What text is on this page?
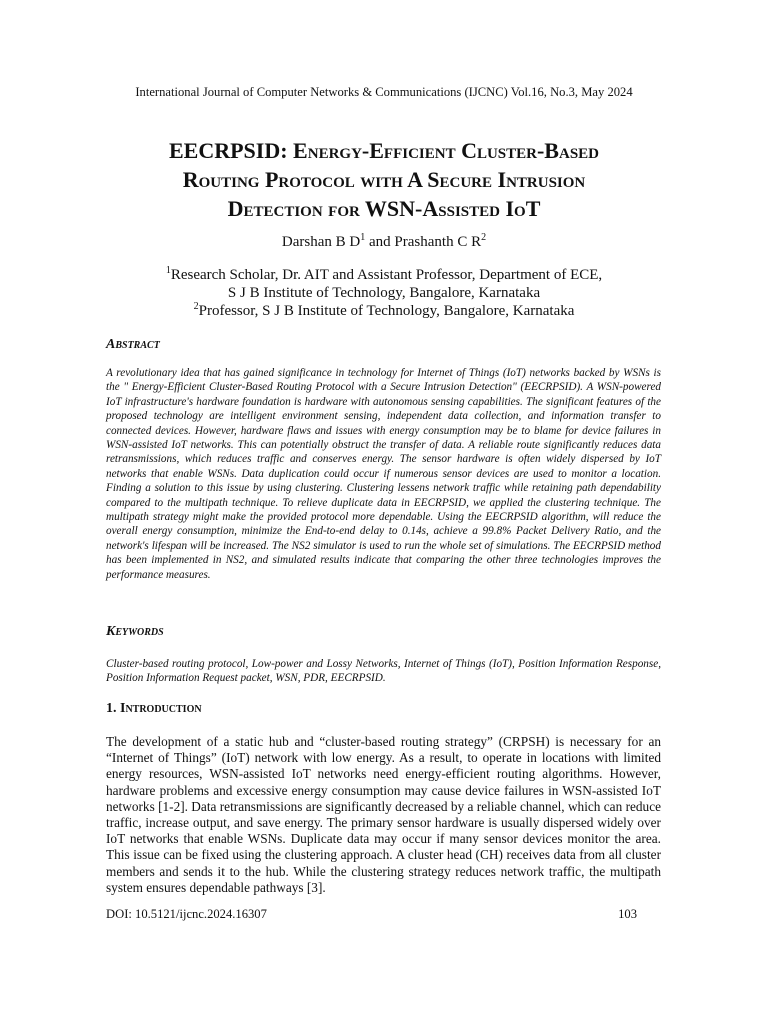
International Journal of Computer Networks & Communications (IJCNC) Vol.16, No.3, May 2024
EECRPSID: Energy-Efficient Cluster-Based
Routing Protocol with A Secure Intrusion
Detection for WSN-Assisted IoT
Darshan B $D^1$ and Prashanth C $R^2$
$^1$Research Scholar, Dr. AIT and Assistant Professor, Department of ECE,
S J B Institute of Technology, Bangalore, Karnataka
$^2$Professor, S J B Institute of Technology, Bangalore, Karnataka
Abstract
A revolutionary idea that has gained significance in technology for Internet of Things (IoT) networks backed by WSNs is the " Energy-Efficient Cluster-Based Routing Protocol with a Secure Intrusion Detection" (EECRPSID). A WSN-powered IoT infrastructure's hardware foundation is hardware with autonomous sensing capabilities. The significant features of the proposed technology are intelligent environment sensing, independent data collection, and information transfer to connected devices. However, hardware flaws and issues with energy consumption may be to blame for device failures in WSN-assisted IoT networks. This can potentially obstruct the transfer of data. A reliable route significantly reduces data retransmissions, which reduces traffic and conserves energy. The sensor hardware is often widely dispersed by IoT networks that enable WSNs. Data duplication could occur if numerous sensor devices are used to monitor a location. Finding a solution to this issue by using clustering. Clustering lessens network traffic while retaining path dependability compared to the multipath technique. To relieve duplicate data in EECRPSID, we applied the clustering technique. The multipath strategy might make the provided protocol more dependable. Using the EECRPSID algorithm, will reduce the overall energy consumption, minimize the End-to-end delay to 0.14s, achieve a 99.8% Packet Delivery Ratio, and the network's lifespan will be increased. The NS2 simulator is used to run the whole set of simulations. The EECRPSID method has been implemented in NS2, and simulated results indicate that comparing the other three technologies improves the performance measures.
Keywords
Cluster-based routing protocol, Low-power and Lossy Networks, Internet of Things (IoT), Position Information Response, Position Information Request packet, WSN, PDR, EECRPSID.
1. Introduction
The development of a static hub and “cluster-based routing strategy” (CRPSH) is necessary for an “Internet of Things” (IoT) network with low energy. As a result, to operate in locations with limited energy resources, WSN-assisted IoT networks need energy-efficient routing algorithms. However, hardware problems and excessive energy consumption may cause device failures in WSN-assisted IoT networks [1-2]. Data retransmissions are significantly decreased by a reliable channel, which can reduce traffic, increase output, and save energy. The primary sensor hardware is usually dispersed widely over IoT networks that enable WSNs. Duplicate data may occur if many sensor devices monitor the area. This issue can be fixed using the clustering approach. A cluster head (CH) receives data from all cluster members and sends it to the hub. While the clustering strategy reduces network traffic, the multipath system ensures dependable pathways [3].
DOI: 10.5121/ijcnc.2024.16307	103
